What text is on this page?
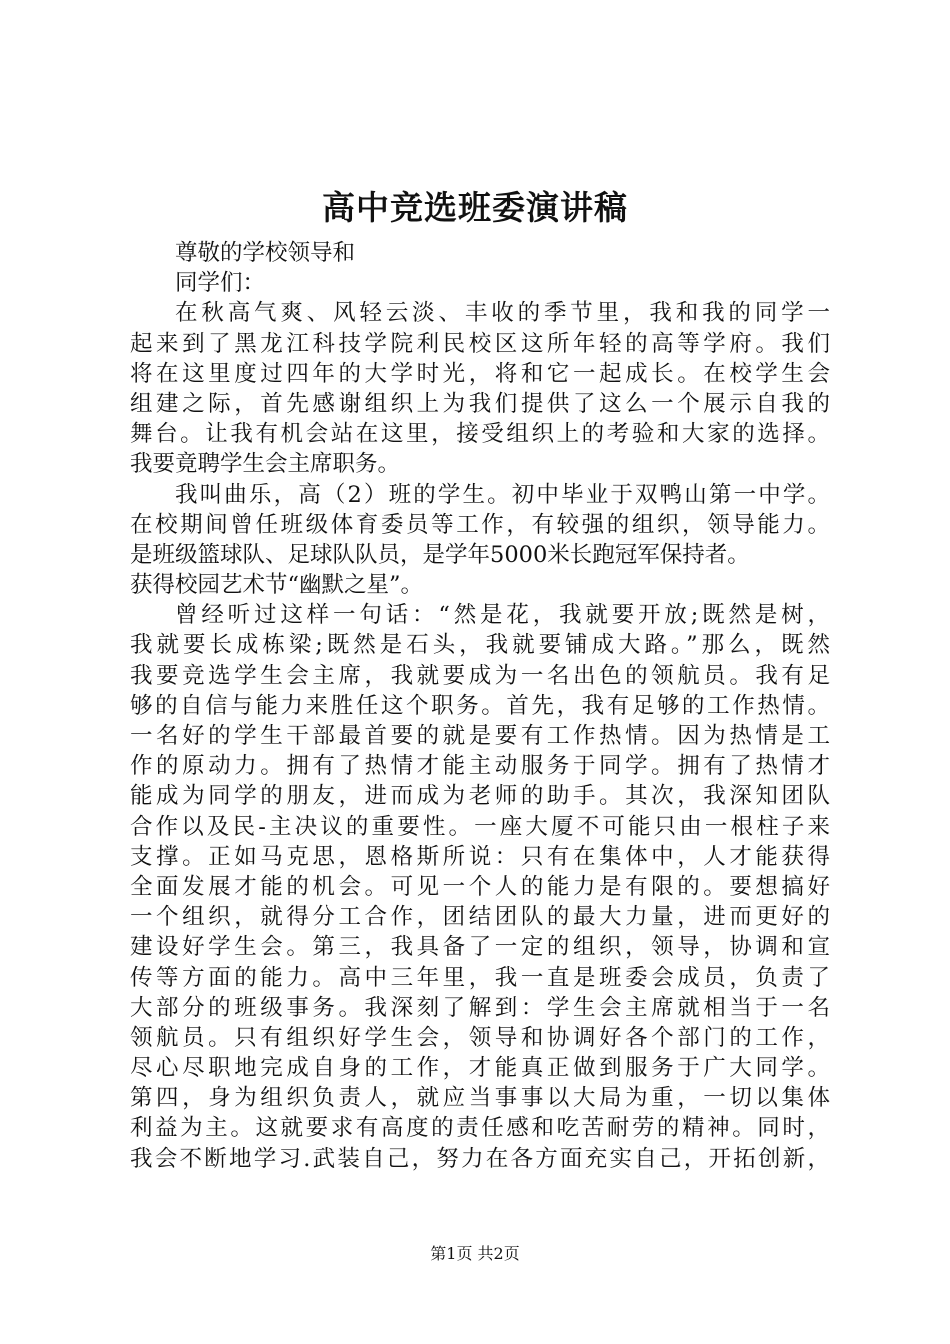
高中竞选班委演讲稿
尊敬的学校领导和
同学们：
在秋高气爽、风轻云淡、丰收的季节里，我和我的同学一
起来到了黑龙江科技学院利民校区这所年轻的高等学府。我们
将在这里度过四年的大学时光，将和它一起成长。在校学生会
组建之际，首先感谢组织上为我们提供了这么一个展示自我的
舞台。让我有机会站在这里，接受组织上的考验和大家的选择。
我要竟聘学生会主席职务。
我叫曲乐，高（2）班的学生。初中毕业于双鸭山第一中学。
在校期间曾任班级体育委员等工作，有较强的组织，领导能力。
是班级篮球队、足球队队员，是学年5000米长跑冠军保持者。
获得校园艺术节“幽默之星”。
曾经听过这样一句话：“然是花，我就要开放;既然是树，
我就要长成栋梁;既然是石头，我就要铺成大路。”那么，既然
我要竞选学生会主席，我就要成为一名出色的领航员。我有足
够的自信与能力来胜任这个职务。首先，我有足够的工作热情。
一名好的学生干部最首要的就是要有工作热情。因为热情是工
作的原动力。拥有了热情才能主动服务于同学。拥有了热情才
能成为同学的朋友，进而成为老师的助手。其次，我深知团队
合作以及民-主决议的重要性。一座大厦不可能只由一根柱子来
支撑。正如马克思，恩格斯所说：只有在集体中，人才能获得
全面发展才能的机会。可见一个人的能力是有限的。要想搞好
一个组织，就得分工合作，团结团队的最大力量，进而更好的
建设好学生会。第三，我具备了一定的组织，领导，协调和宣
传等方面的能力。高中三年里，我一直是班委会成员，负责了
大部分的班级事务。我深刻了解到：学生会主席就相当于一名
领航员。只有组织好学生会，领导和协调好各个部门的工作，
尽心尽职地完成自身的工作，才能真正做到服务于广大同学。
第四，身为组织负责人，就应当事事以大局为重，一切以集体
利益为主。这就要求有高度的责任感和吃苦耐劳的精神。同时，
我会不断地学习.武装自己，努力在各方面充实自己，开拓创新，
第1页 共2页
